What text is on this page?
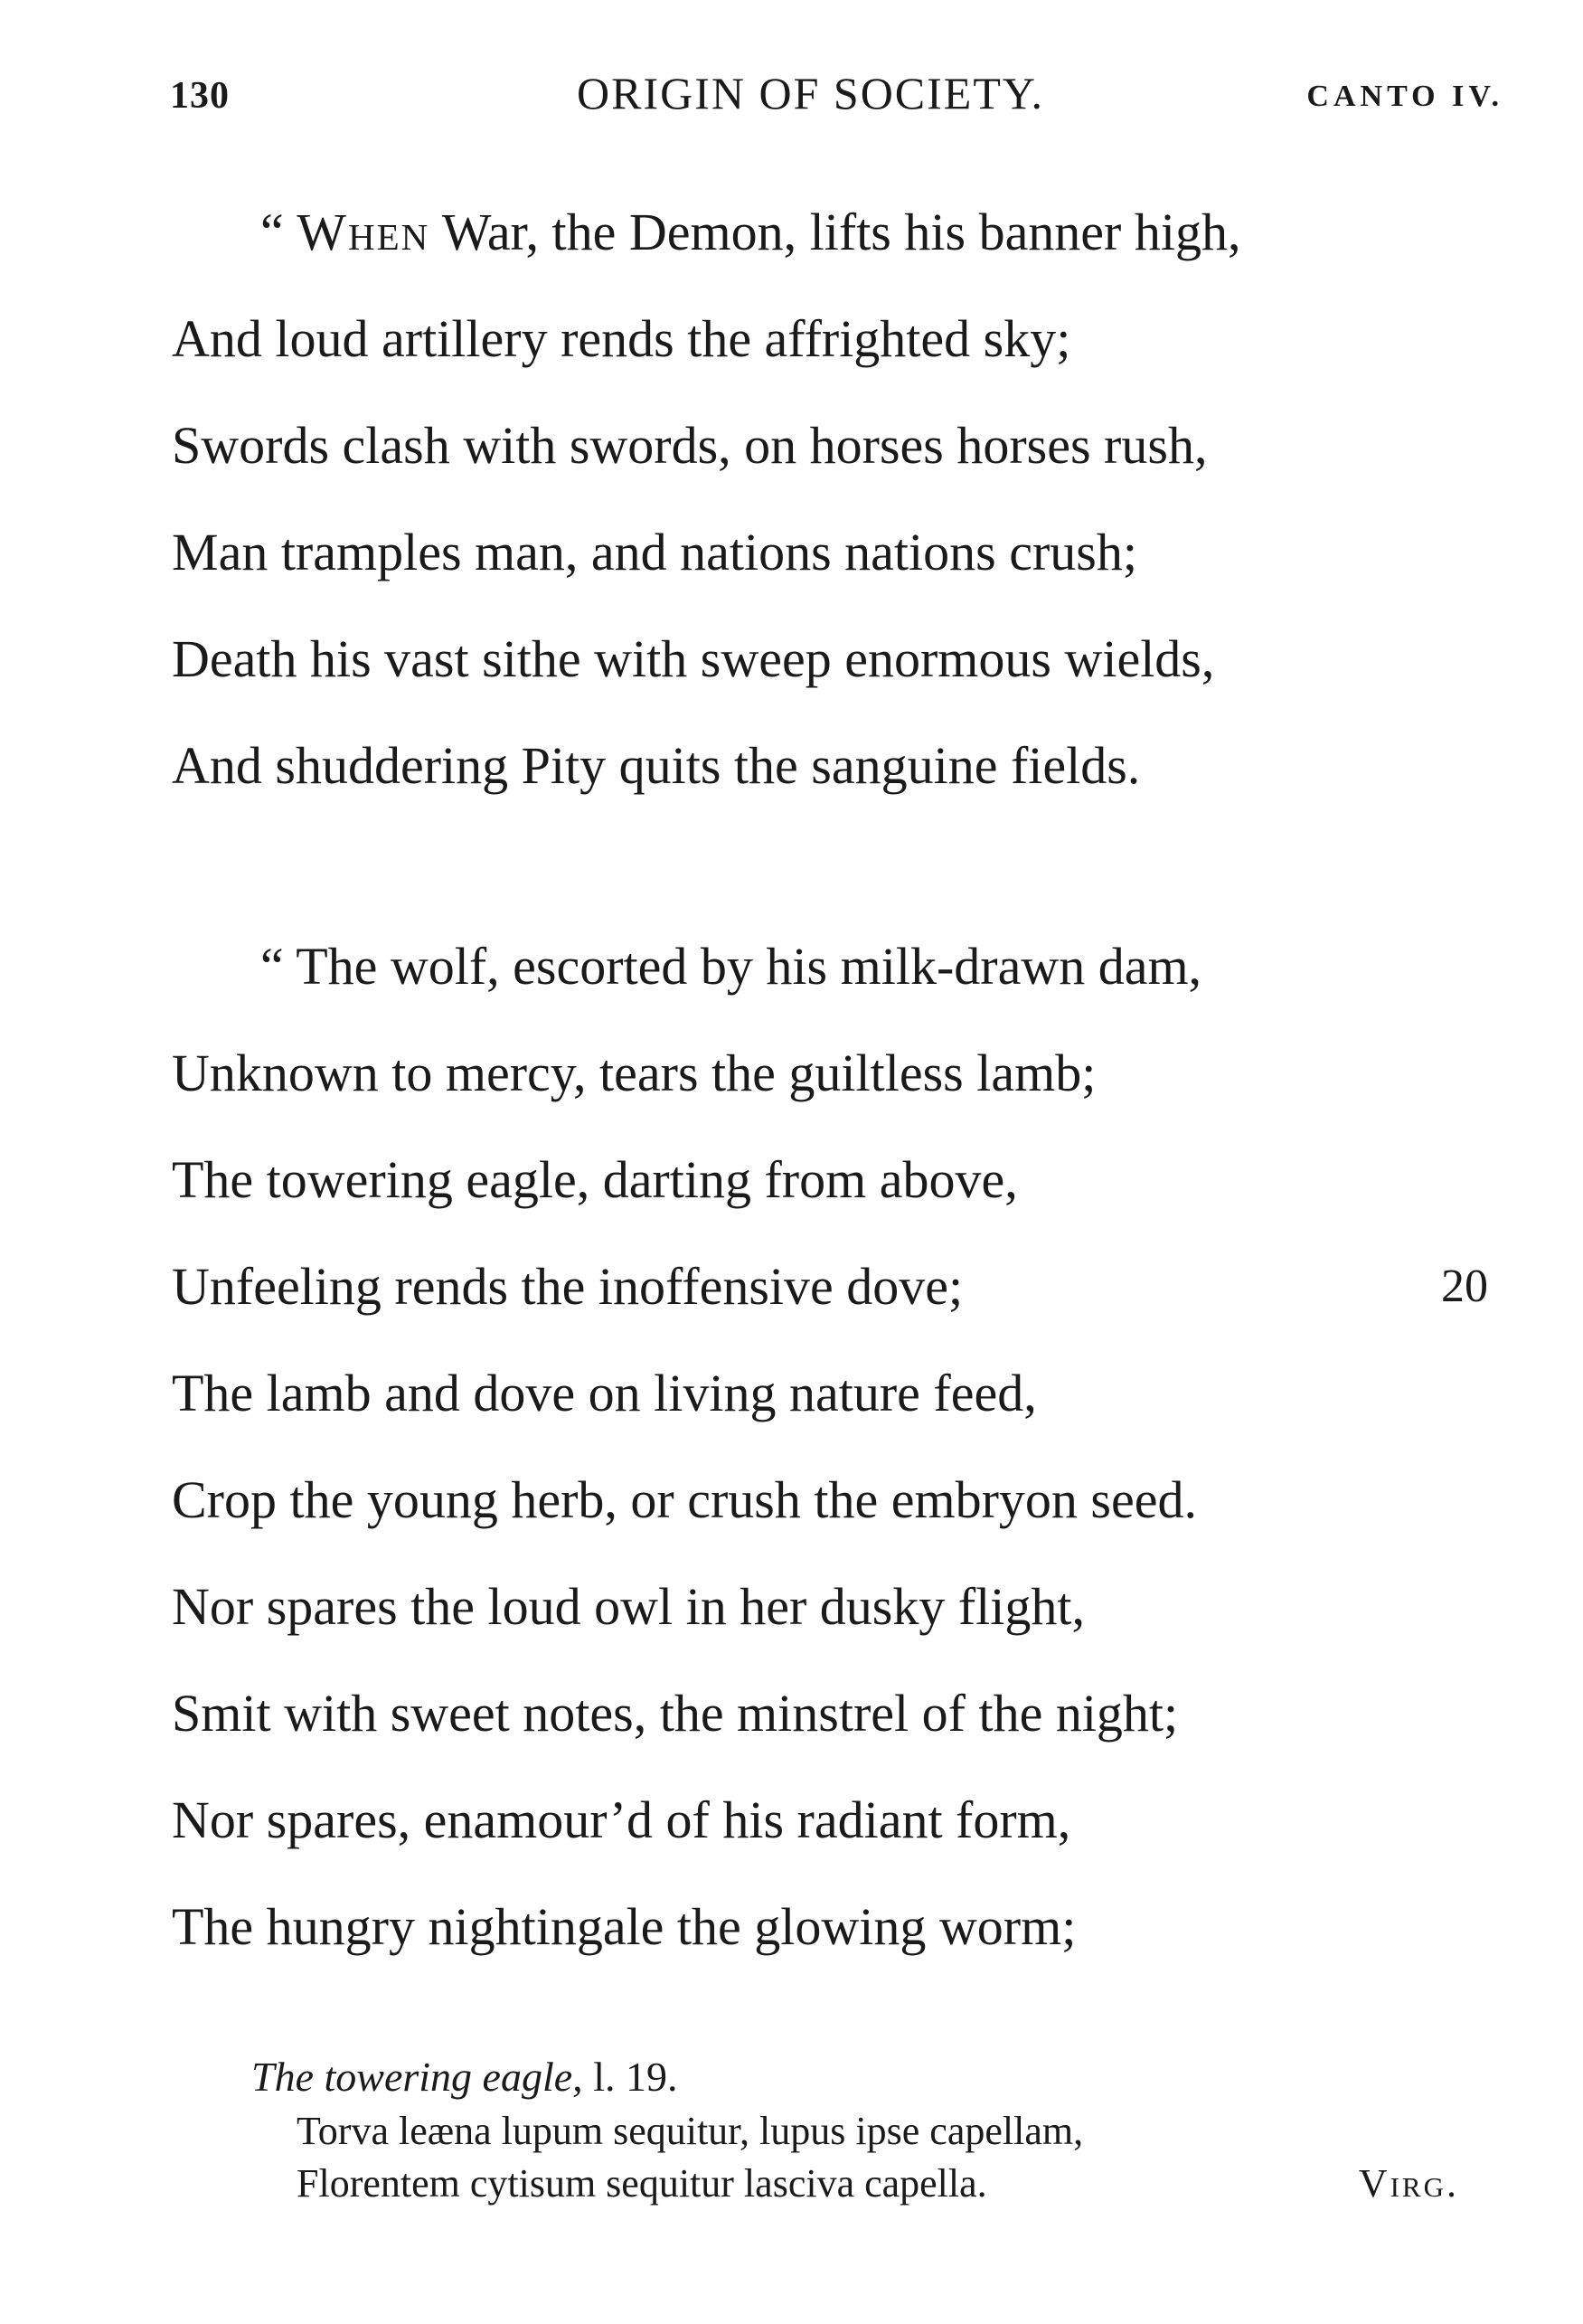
130	ORIGIN OF SOCIETY.	CANTO IV.
“ When War, the Demon, lifts his banner high,
And loud artillery rends the affrighted sky;
Swords clash with swords, on horses horses rush,
Man tramples man, and nations nations crush;
Death his vast sithe with sweep enormous wields,
And shuddering Pity quits the sanguine fields.
“ The wolf, escorted by his milk-drawn dam,
Unknown to mercy, tears the guiltless lamb;
The towering eagle, darting from above,
Unfeeling rends the inoffensive dove;	20
The lamb and dove on living nature feed,
Crop the young herb, or crush the embryon seed.
Nor spares the loud owl in her dusky flight,
Smit with sweet notes, the minstrel of the night;
Nor spares, enamour’d of his radiant form,
The hungry nightingale the glowing worm;
The towering eagle, l. 19.
Torva leæna lupum sequitur, lupus ipse capellam,
Florentem cytisum sequitur lasciva capella.	Virg.
